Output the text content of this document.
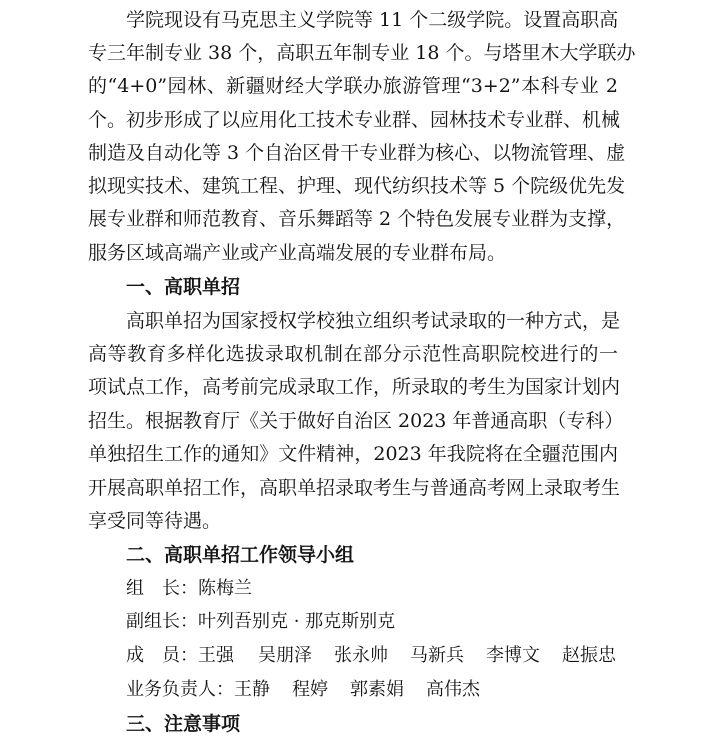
学院现设有马克思主义学院等 11 个二级学院。设置高职高
专三年制专业 38 个，高职五年制专业 18 个。与塔里木大学联办
的“4+0”园林、新疆财经大学联办旅游管理“3+2”本科专业 2
个。初步形成了以应用化工技术专业群、园林技术专业群、机械
制造及自动化等 3 个自治区骨干专业群为核心、以物流管理、虚
拟现实技术、建筑工程、护理、现代纺织技术等 5 个院级优先发
展专业群和师范教育、音乐舞蹈等 2 个特色发展专业群为支撑，
服务区域高端产业或产业高端发展的专业群布局。
一、高职单招
高职单招为国家授权学校独立组织考试录取的一种方式，是
高等教育多样化选拔录取机制在部分示范性高职院校进行的一
项试点工作，高考前完成录取工作，所录取的考生为国家计划内
招生。根据教育厅《关于做好自治区 2023 年普通高职（专科）
单独招生工作的通知》文件精神，2023 年我院将在全疆范围内
开展高职单招工作，高职单招录取考生与普通高考网上录取考生
享受同等待遇。
二、高职单招工作领导小组
组　长：陈梅兰
副组长：叶列吾别克 · 那克斯别克
成　员：王强 吴朋泽 张永帅 马新兵 李博文 赵振忠
业务负责人：王静 程婷 郭素娟 高伟杰
三、注意事项
